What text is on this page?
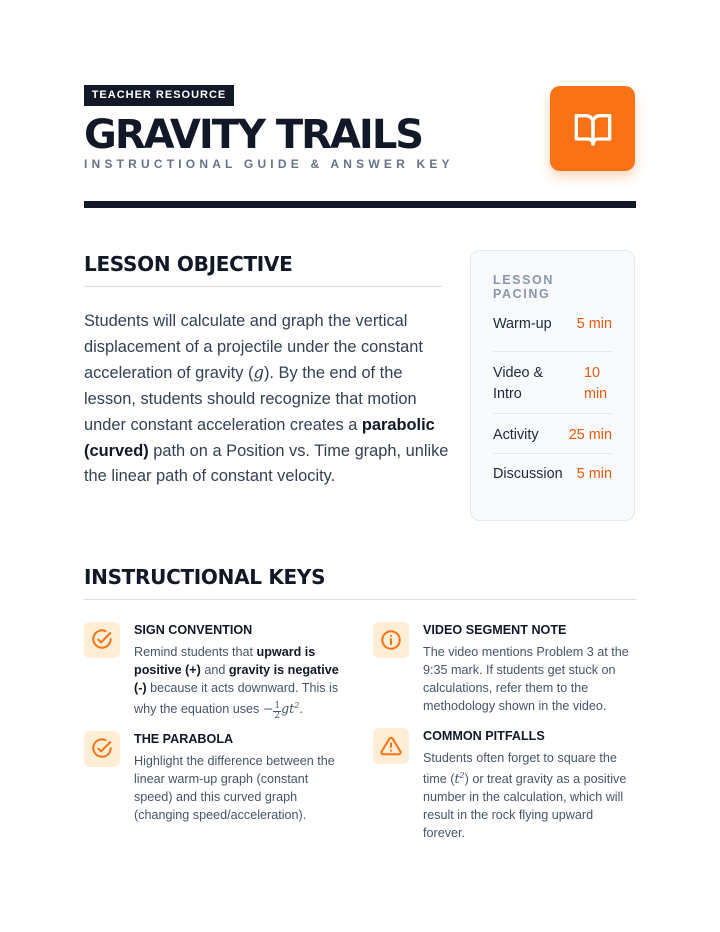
TEACHER RESOURCE
GRAVITY TRAILS
INSTRUCTIONAL GUIDE & ANSWER KEY
LESSON OBJECTIVE

Students will calculate and graph the vertical displacement of a projectile under the constant acceleration of gravity (g). By the end of the lesson, students should recognize that motion under constant acceleration creates a parabolic (curved) path on a Position vs. Time graph, unlike the linear path of constant velocity.

LESSON PACING
Warm-up 5 min
Video & Intro
10 min
Activity 25 min
Discussion 5 min
INSTRUCTIONAL KEYS
SIGN CONVENTION
Remind students that upward is positive (+) and gravity is negative (-) because it acts downward. This is why the equation uses − $\frac{1}{2} gt^2$.
VIDEO SEGMENT NOTE
The video mentions Problem 3 at the 9:35 mark. If students get stuck on calculations, refer them to the methodology shown in the video.
THE PARABOLA
Highlight the difference between the linear warm-up graph (constant speed) and this curved graph (changing speed/acceleration).
COMMON PITFALLS
Students often forget to square the time $(t^2)$ or treat gravity as a positive number in the calculation, which will result in the rock flying upward forever.
